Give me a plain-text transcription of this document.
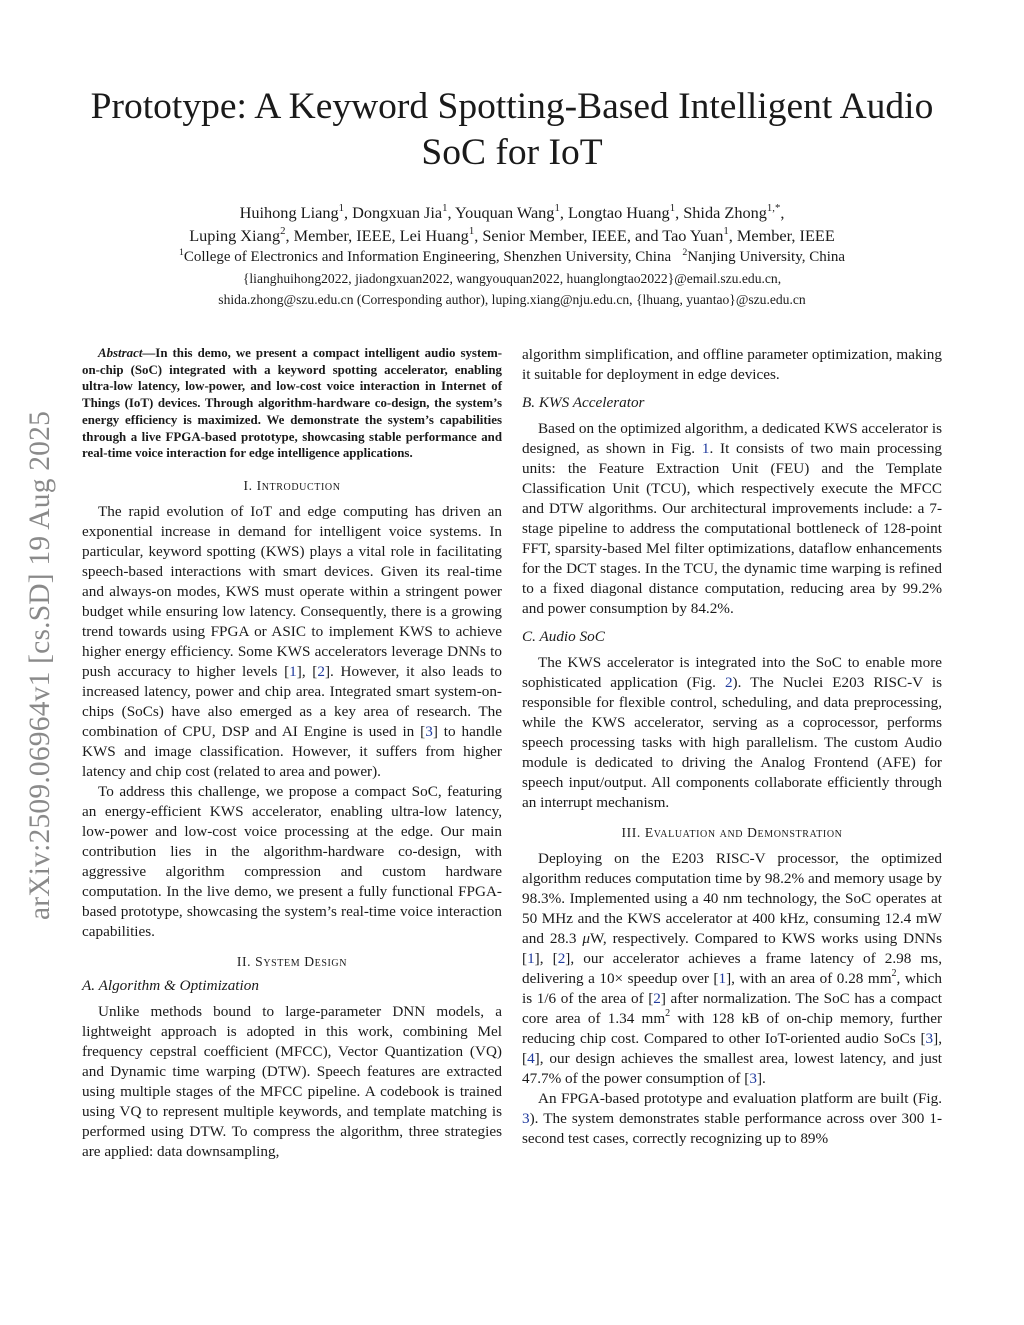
arXiv:2509.06964v1 [cs.SD] 19 Aug 2025
Prototype: A Keyword Spotting-Based Intelligent Audio SoC for IoT
Huihong Liang$^1$, Dongxuan Jia$^1$, Youquan Wang$^1$, Longtao Huang$^1$, Shida Zhong$^{1,*}$,
Luping Xiang$^2$, Member, IEEE, Lei Huang$^1$, Senior Member, IEEE, and Tao Yuan$^1$, Member, IEEE
$^1$College of Electronics and Information Engineering, Shenzhen University, China $^2$Nanjing University, China
{lianghuihong2022, jiadongxuan2022, wangyouquan2022, huanglongtao2022}@email.szu.edu.cn,
shida.zhong@szu.edu.cn (Corresponding author), luping.xiang@nju.edu.cn, {lhuang, yuantao}@szu.edu.cn

Abstract—In this demo, we present a compact intelligent audio system-on-chip (SoC) integrated with a keyword spotting accelerator, enabling ultra-low latency, low-power, and low-cost voice interaction in Internet of Things (IoT) devices. Through algorithm-hardware co-design, the system’s energy efficiency is maximized. We demonstrate the system’s capabilities through a live FPGA-based prototype, showcasing stable performance and real-time voice interaction for edge intelligence applications.

I. Introduction

The rapid evolution of IoT and edge computing has driven an exponential increase in demand for intelligent voice systems. In particular, keyword spotting (KWS) plays a vital role in facilitating speech-based interactions with smart devices. Given its real-time and always-on modes, KWS must operate within a stringent power budget while ensuring low latency. Consequently, there is a growing trend towards using FPGA or ASIC to implement KWS to achieve higher energy efficiency. Some KWS accelerators leverage DNNs to push accuracy to higher levels [1], [2]. However, it also leads to increased latency, power and chip area. Integrated smart system-on-chips (SoCs) have also emerged as a key area of research. The combination of CPU, DSP and AI Engine is used in [3] to handle KWS and image classification. However, it suffers from higher latency and chip cost (related to area and power).

To address this challenge, we propose a compact SoC, featuring an energy-efficient KWS accelerator, enabling ultra-low latency, low-power and low-cost voice processing at the edge. Our main contribution lies in the algorithm-hardware co-design, with aggressive algorithm compression and custom hardware computation. In the live demo, we present a fully functional FPGA-based prototype, showcasing the system’s real-time voice interaction capabilities.

II. System Design
A. Algorithm & Optimization

Unlike methods bound to large-parameter DNN models, a lightweight approach is adopted in this work, combining Mel frequency cepstral coefficient (MFCC), Vector Quantization (VQ) and Dynamic time warping (DTW). Speech features are extracted using multiple stages of the MFCC pipeline. A codebook is trained using VQ to represent multiple keywords, and template matching is performed using DTW. To compress the algorithm, three strategies are applied: data downsampling,

algorithm simplification, and offline parameter optimization, making it suitable for deployment in edge devices.

B. KWS Accelerator

Based on the optimized algorithm, a dedicated KWS accelerator is designed, as shown in Fig. 1. It consists of two main processing units: the Feature Extraction Unit (FEU) and the Template Classification Unit (TCU), which respectively execute the MFCC and DTW algorithms. Our architectural improvements include: a 7-stage pipeline to address the computational bottleneck of 128-point FFT, sparsity-based Mel filter optimizations, dataflow enhancements for the DCT stages. In the TCU, the dynamic time warping is refined to a fixed diagonal distance computation, reducing area by 99.2% and power consumption by 84.2%.

C. Audio SoC

The KWS accelerator is integrated into the SoC to enable more sophisticated application (Fig. 2). The Nuclei E203 RISC-V is responsible for flexible control, scheduling, and data preprocessing, while the KWS accelerator, serving as a coprocessor, performs speech processing tasks with high parallelism. The custom Audio module is dedicated to driving the Analog Frontend (AFE) for speech input/output. All components collaborate efficiently through an interrupt mechanism.

III. Evaluation and Demonstration

Deploying on the E203 RISC-V processor, the optimized algorithm reduces computation time by 98.2% and memory usage by 98.3%. Implemented using a 40 nm technology, the SoC operates at 50 MHz and the KWS accelerator at 400 kHz, consuming 12.4 mW and 28.3 μW, respectively. Compared to KWS works using DNNs [1], [2], our accelerator achieves a frame latency of 2.98 ms, delivering a 10× speedup over [1], with an area of 0.28 $mm^2$, which is 1/6 of the area of [2] after normalization. The SoC has a compact core area of 1.34 $mm^2$ with 128 kB of on-chip memory, further reducing chip cost. Compared to other IoT-oriented audio SoCs [3], [4], our design achieves the smallest area, lowest latency, and just 47.7% of the power consumption of [3].

An FPGA-based prototype and evaluation platform are built (Fig. 3). The system demonstrates stable performance across over 300 1-second test cases, correctly recognizing up to 89%
